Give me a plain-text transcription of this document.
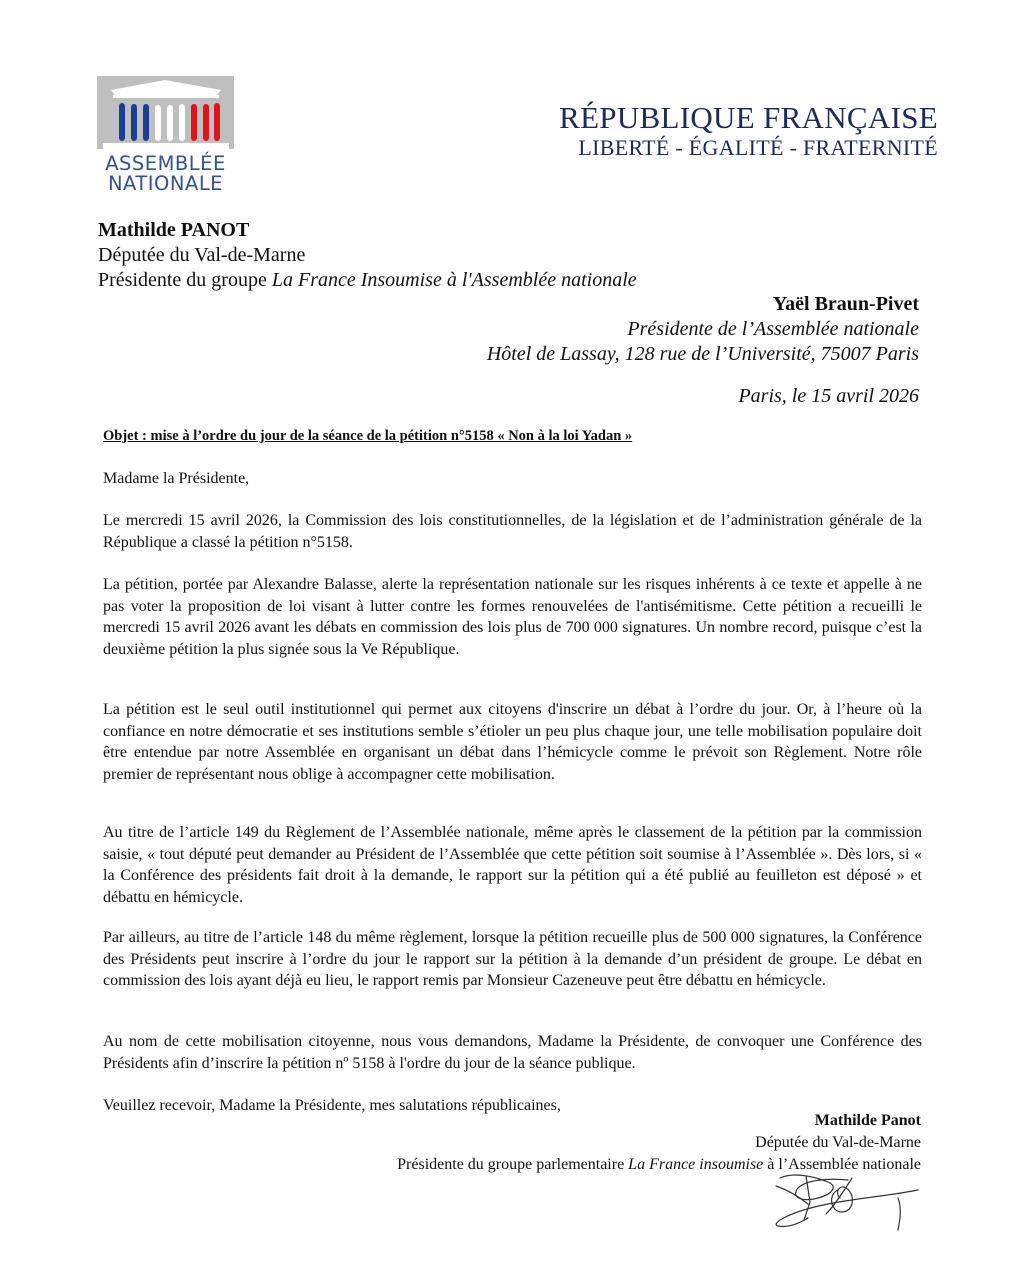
ASSEMBLÉE
NATIONALE
RÉPUBLIQUE FRANÇAISE
LIBERTÉ - ÉGALITÉ - FRATERNITÉ
Mathilde PANOT
Députée du Val-de-Marne
Présidente du groupe La France Insoumise à l'Assemblée nationale
Yaël Braun-Pivet
Présidente de l’Assemblée nationale
Hôtel de Lassay, 128 rue de l’Université, 75007 Paris
Paris, le 15 avril 2026
Objet : mise à l’ordre du jour de la séance de la pétition n°5158 « Non à la loi Yadan »

Madame la Présidente,

Le mercredi 15 avril 2026, la Commission des lois constitutionnelles, de la législation et de l’administration générale de la République a classé la pétition n°5158.

La pétition, portée par Alexandre Balasse, alerte la représentation nationale sur les risques inhérents à ce texte et appelle à ne pas voter la proposition de loi visant à lutter contre les formes renouvelées de l'antisémitisme. Cette pétition a recueilli le mercredi 15 avril 2026 avant les débats en commission des lois plus de 700 000 signatures. Un nombre record, puisque c’est la deuxième pétition la plus signée sous la Ve République.

La pétition est le seul outil institutionnel qui permet aux citoyens d'inscrire un débat à l’ordre du jour. Or, à l’heure où la confiance en notre démocratie et ses institutions semble s’étioler un peu plus chaque jour, une telle mobilisation populaire doit être entendue par notre Assemblée en organisant un débat dans l’hémicycle comme le prévoit son Règlement. Notre rôle premier de représentant nous oblige à accompagner cette mobilisation.

Au titre de l’article 149 du Règlement de l’Assemblée nationale, même après le classement de la pétition par la commission saisie, « tout député peut demander au Président de l’Assemblée que cette pétition soit soumise à l’Assemblée ». Dès lors, si « la Conférence des présidents fait droit à la demande, le rapport sur la pétition qui a été publié au feuilleton est déposé » et débattu en hémicycle.

Par ailleurs, au titre de l’article 148 du même règlement, lorsque la pétition recueille plus de 500 000 signatures, la Conférence des Présidents peut inscrire à l’ordre du jour le rapport sur la pétition à la demande d’un président de groupe. Le débat en commission des lois ayant déjà eu lieu, le rapport remis par Monsieur Cazeneuve peut être débattu en hémicycle.

Au nom de cette mobilisation citoyenne, nous vous demandons, Madame la Présidente, de convoquer une Conférence des Présidents afin d’inscrire la pétition nº 5158 à l'ordre du jour de la séance publique.

Veuillez recevoir, Madame la Présidente, mes salutations républicaines,

Mathilde Panot
Députée du Val-de-Marne
Présidente du groupe parlementaire La France insoumise à l’Assemblée nationale
